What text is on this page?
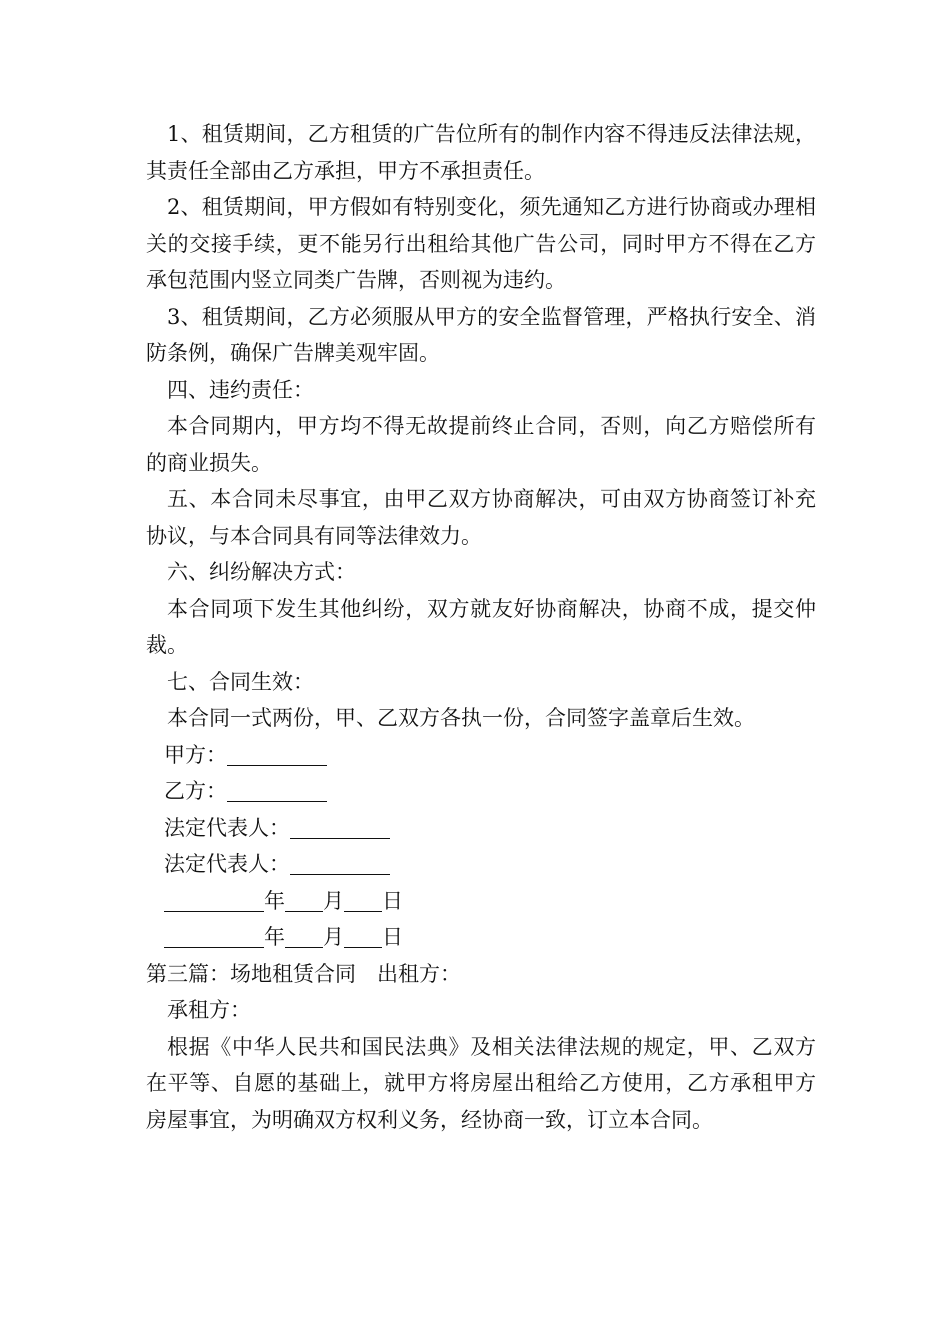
1、租赁期间，乙方租赁的广告位所有的制作内容不得违反法律法规，其责任全部由乙方承担，甲方不承担责任。

2、租赁期间，甲方假如有特别变化，须先通知乙方进行协商或办理相关的交接手续，更不能另行出租给其他广告公司，同时甲方不得在乙方承包范围内竖立同类广告牌，否则视为违约。

3、租赁期间，乙方必须服从甲方的安全监督管理，严格执行安全、消防条例，确保广告牌美观牢固。

四、违约责任：

本合同期内，甲方均不得无故提前终止合同，否则，向乙方赔偿所有的商业损失。

五、本合同未尽事宜，由甲乙双方协商解决，可由双方协商签订补充协议，与本合同具有同等法律效力。

六、纠纷解决方式：

本合同项下发生其他纠纷，双方就友好协商解决，协商不成，提交仲裁。

七、合同生效：

本合同一式两份，甲、乙双方各执一份，合同签字盖章后生效。

甲方：

乙方：

法定代表人：

法定代表人：

年 月 日

年 月 日

第三篇：场地租赁合同　出租方：

承租方：

根据《中华人民共和国民法典》及相关法律法规的规定，甲、乙双方在平等、自愿的基础上，就甲方将房屋出租给乙方使用，乙方承租甲方房屋事宜，为明确双方权利义务，经协商一致，订立本合同。
